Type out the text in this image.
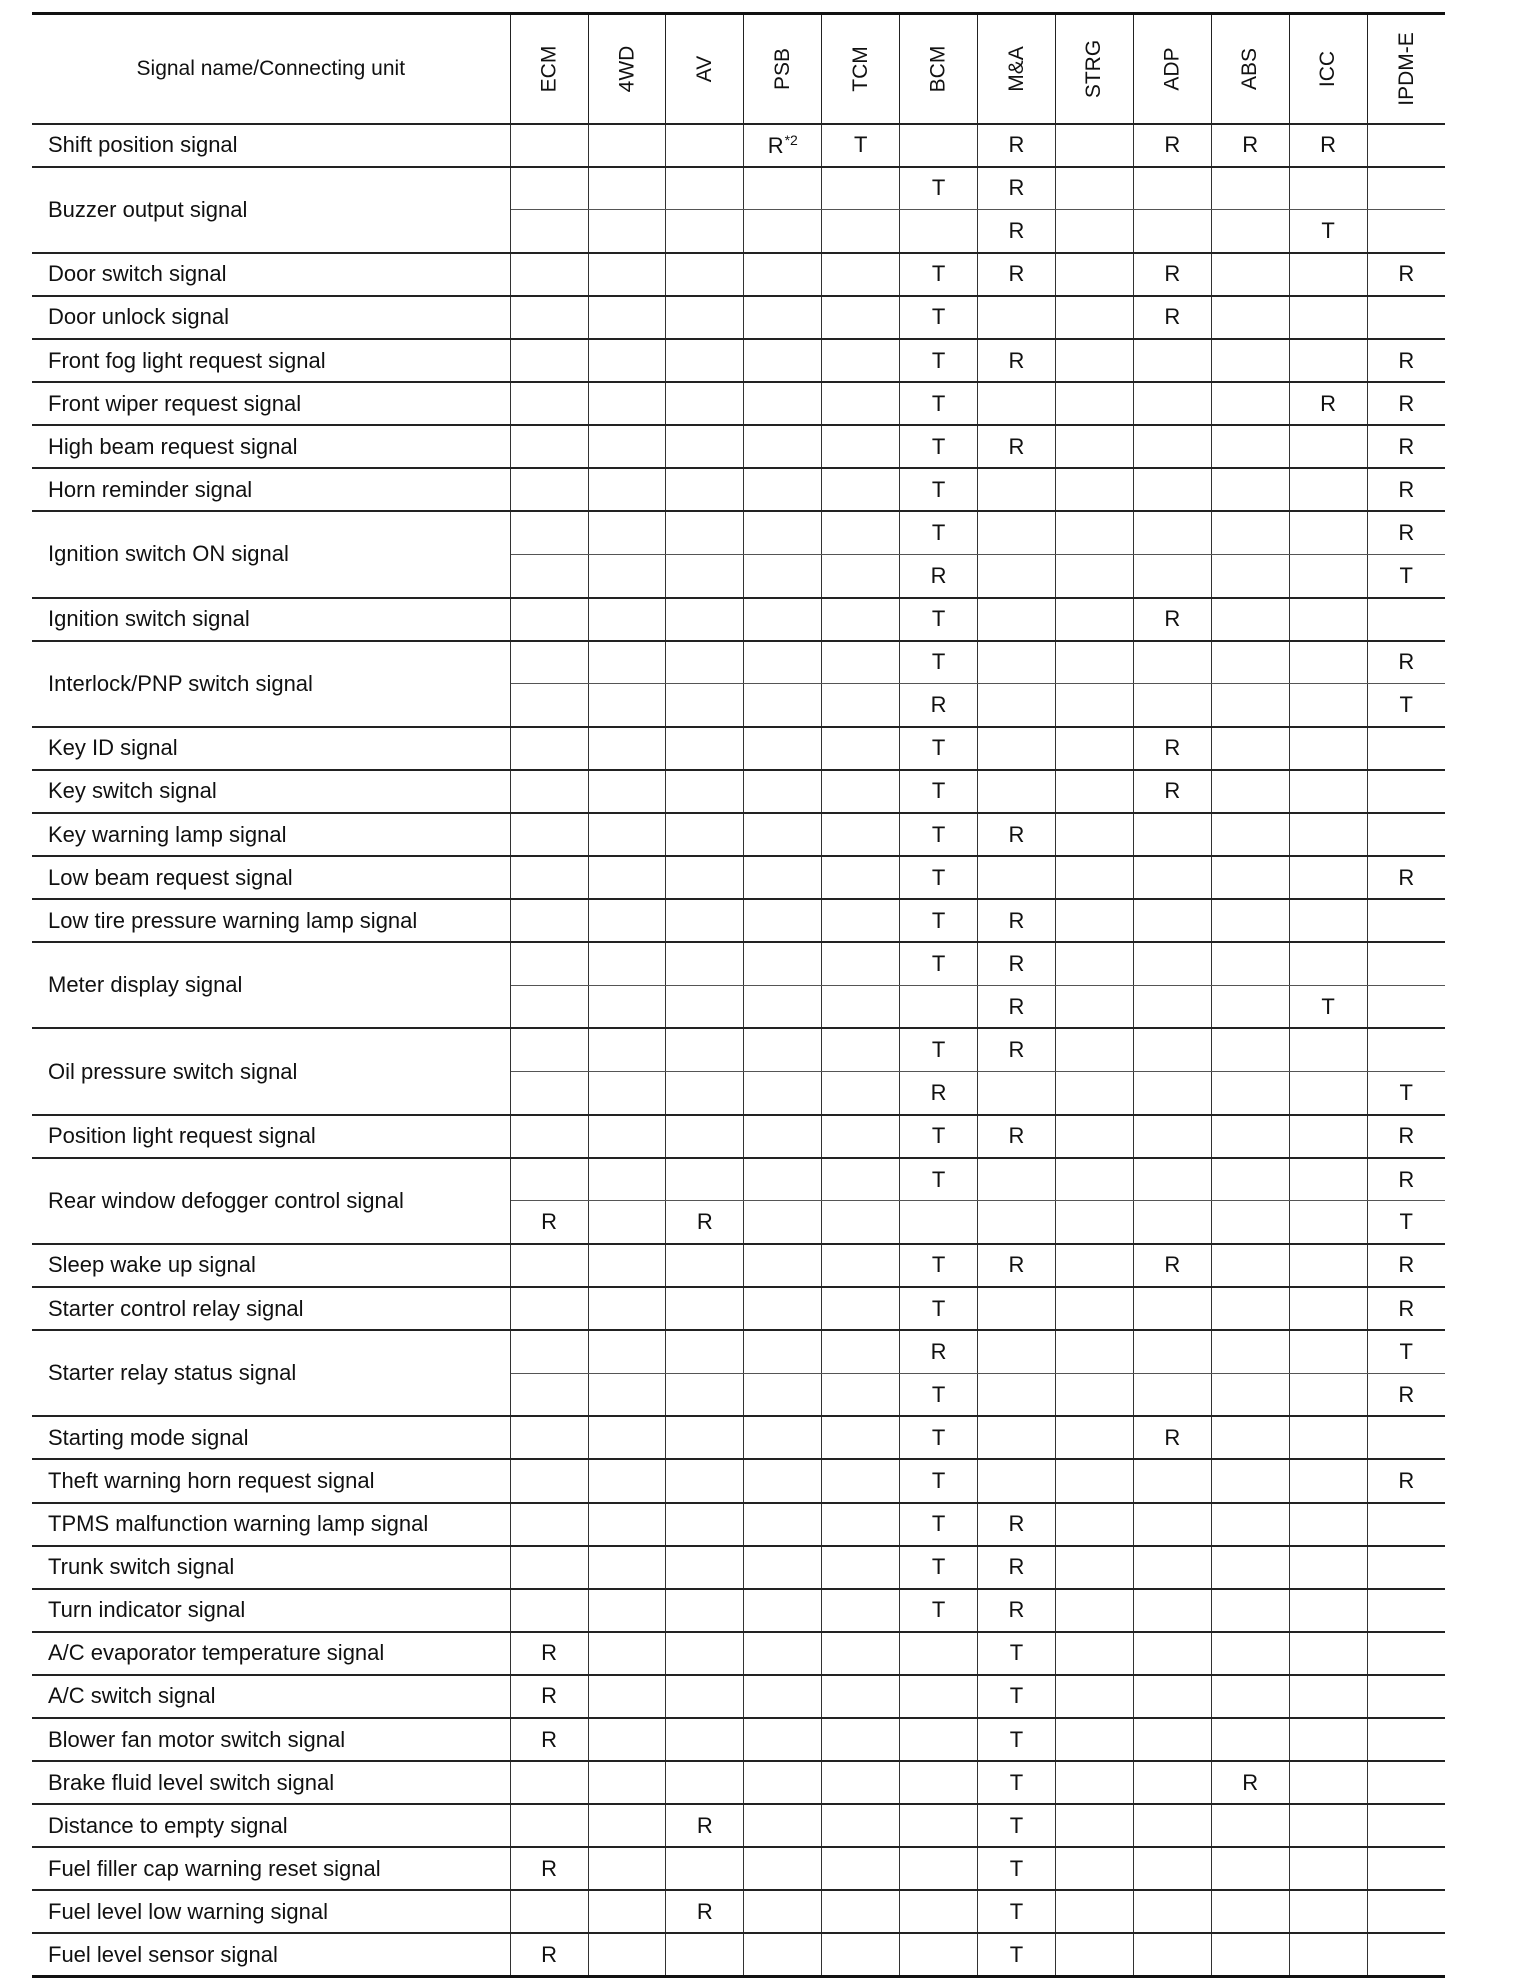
Signal name/Connecting unit	ECM	4WD	AV	PSB	TCM	BCM	M&A	STRG	ADP	ABS	ICC	IPDM-E
Shift position signal				$R^{*2}$	T		R		R	R	R	
Buzzer output signal						T	R					
							R				T	
Door switch signal						T	R		R			R
Door unlock signal						T			R			
Front fog light request signal						T	R					R
Front wiper request signal						T					R	R
High beam request signal						T	R					R
Horn reminder signal						T						R
Ignition switch ON signal						T						R
						R						T
Ignition switch signal						T			R			
Interlock/PNP switch signal						T						R
						R						T
Key ID signal						T			R			
Key switch signal						T			R			
Key warning lamp signal						T	R					
Low beam request signal						T						R
Low tire pressure warning lamp signal						T	R					
Meter display signal						T	R					
							R				T	
Oil pressure switch signal						T	R					
						R						T
Position light request signal						T	R					R
Rear window defogger control signal						T						R
	R		R									T
Sleep wake up signal						T	R		R			R
Starter control relay signal						T						R
Starter relay status signal						R						T
						T						R
Starting mode signal						T			R			
Theft warning horn request signal						T						R
TPMS malfunction warning lamp signal						T	R					
Trunk switch signal						T	R					
Turn indicator signal						T	R					
A/C evaporator temperature signal	R						T					
A/C switch signal	R						T					
Blower fan motor switch signal	R						T					
Brake fluid level switch signal							T			R		
Distance to empty signal			R				T					
Fuel filler cap warning reset signal	R						T					
Fuel level low warning signal			R				T					
Fuel level sensor signal	R						T					
